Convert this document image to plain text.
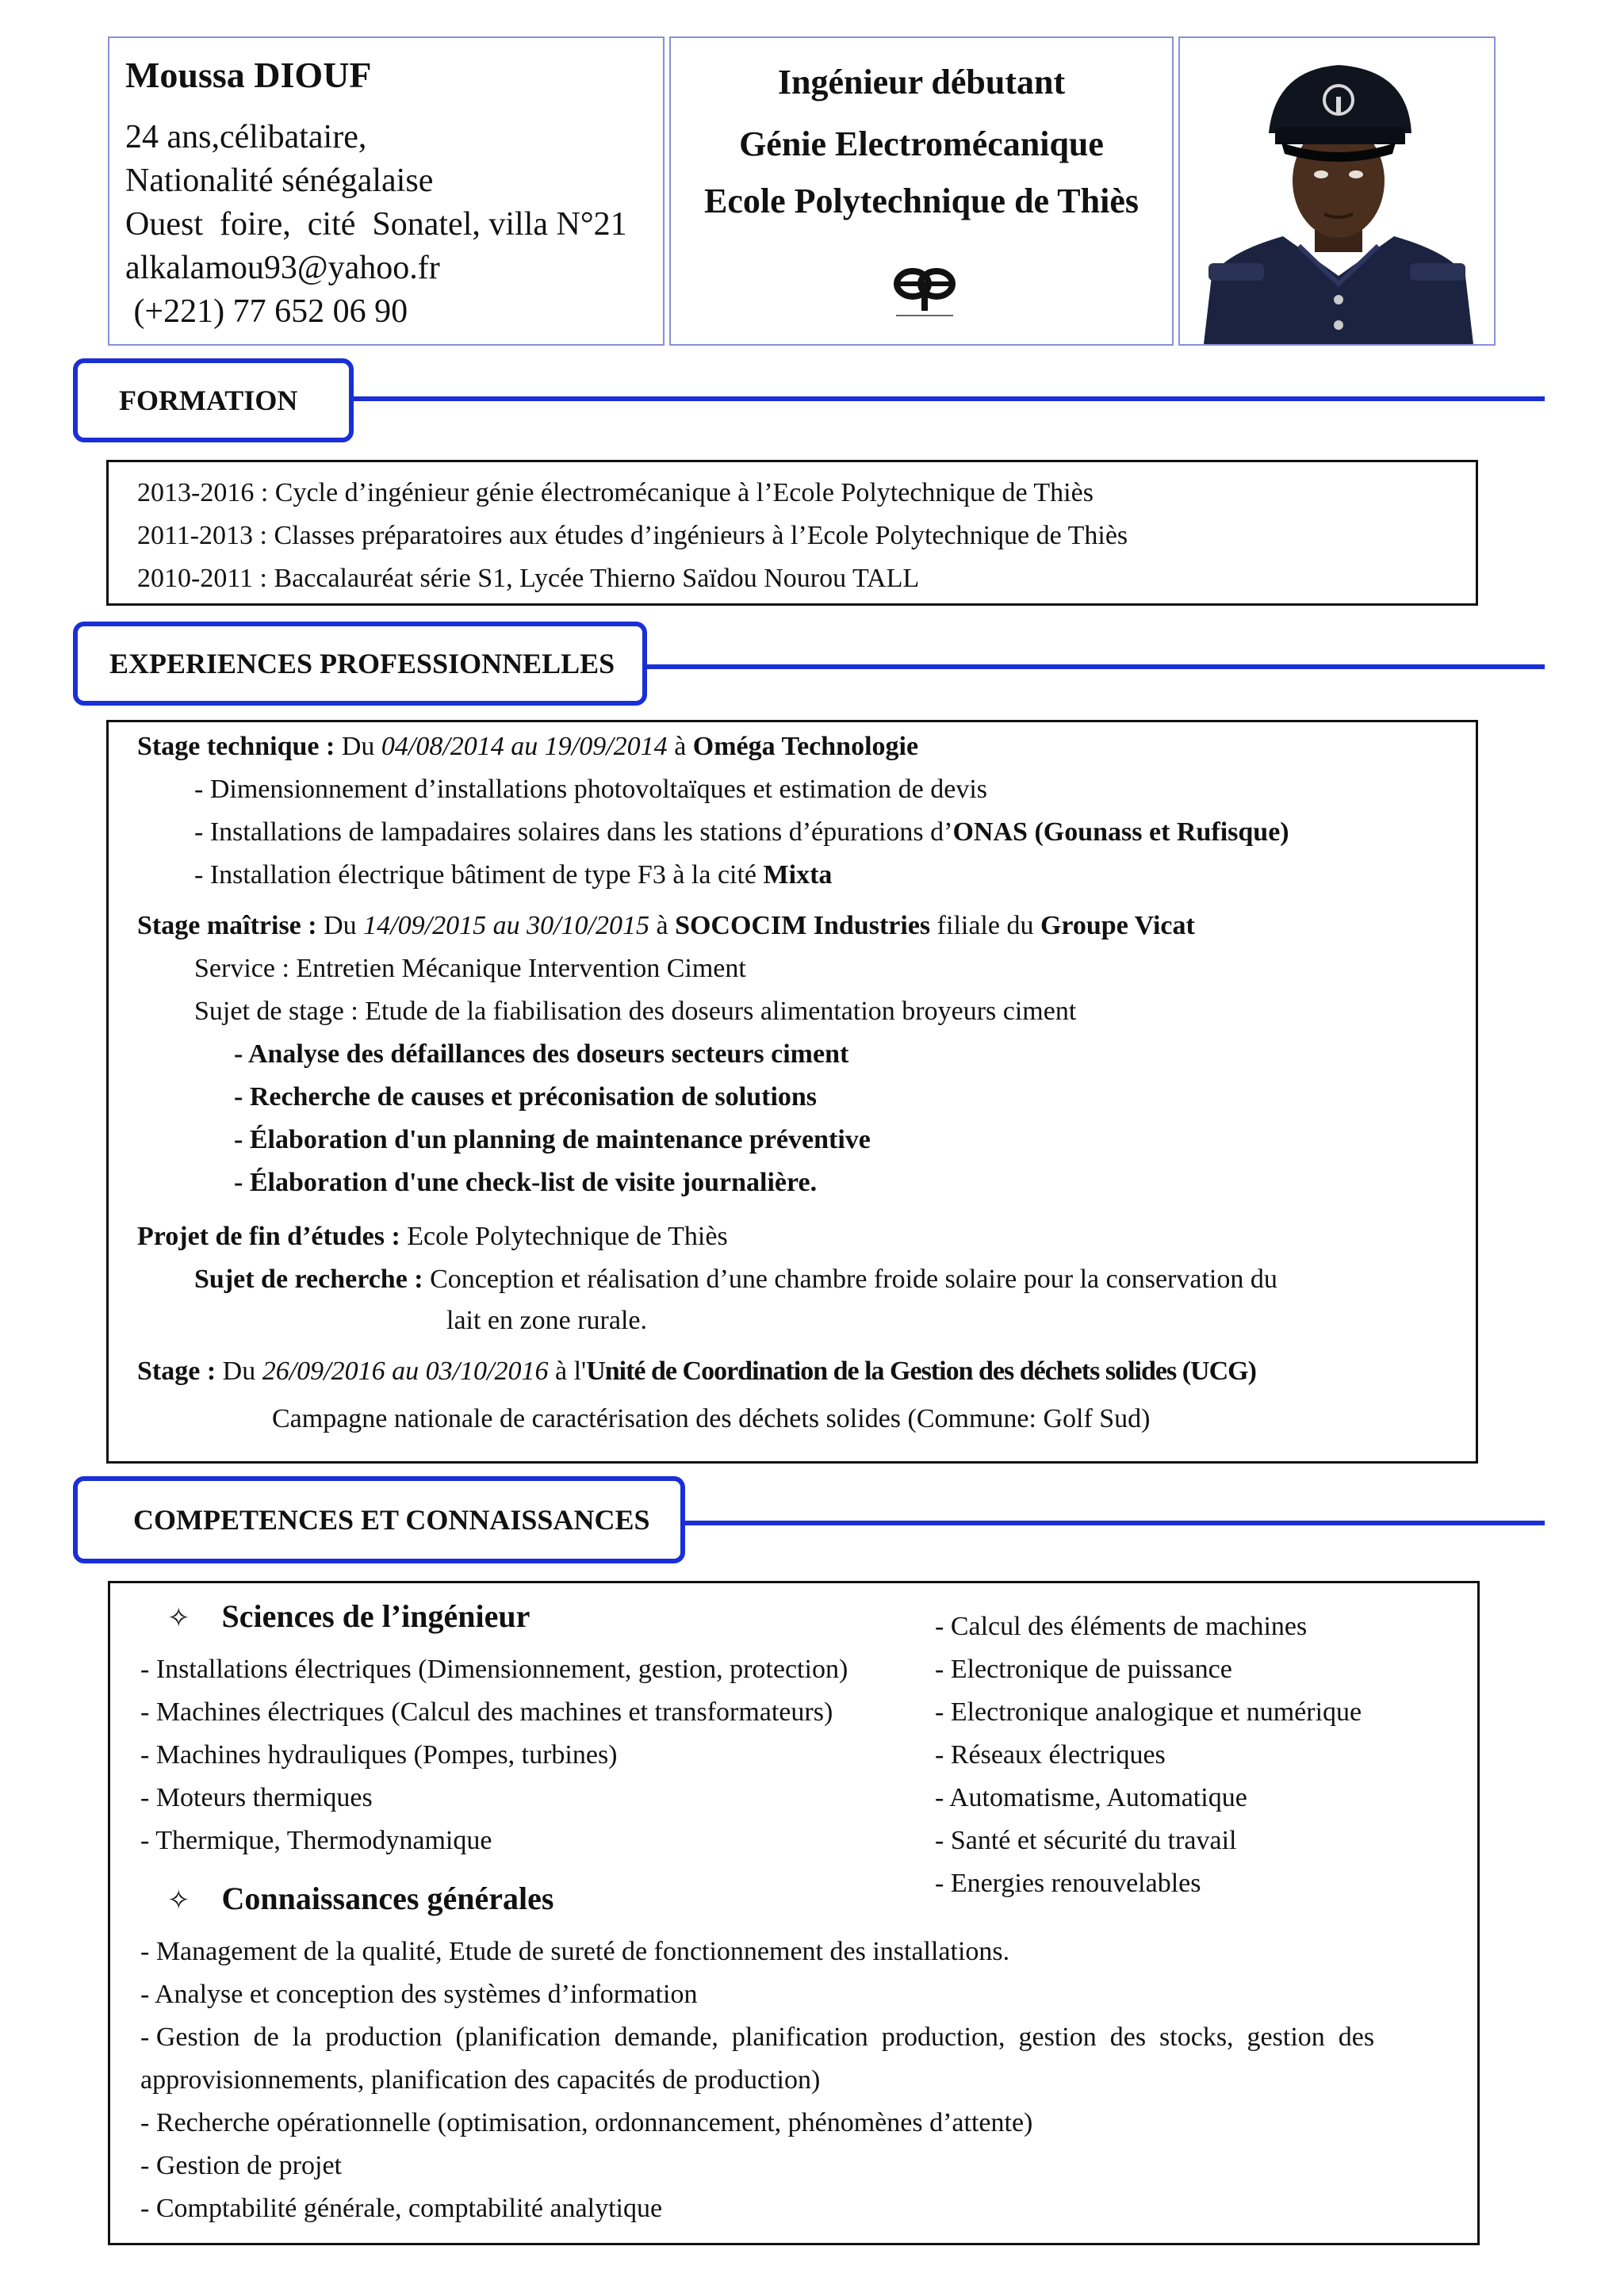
Moussa DIOUF
24 ans,célibataire,
Nationalité sénégalaise
Ouest  foire,  cité  Sonatel, villa N°21
alkalamou93@yahoo.fr
(+221) 77 652 06 90
Ingénieur débutant
Génie Electromécanique
Ecole Polytechnique de Thiès
FORMATION
2013-2016 : Cycle d’ingénieur génie électromécanique à l’Ecole Polytechnique de Thiès
2011-2013 : Classes préparatoires aux études d’ingénieurs à l’Ecole Polytechnique de Thiès
2010-2011 : Baccalauréat série S1, Lycée Thierno Saïdou Nourou TALL
EXPERIENCES PROFESSIONNELLES
Stage technique : Du 04/08/2014 au 19/09/2014 à Oméga Technologie
- Dimensionnement d’installations photovoltaïques et estimation de devis
- Installations de lampadaires solaires dans les stations d’épurations d’ONAS (Gounass et Rufisque)
- Installation électrique bâtiment de type F3 à la cité Mixta
Stage maîtrise : Du 14/09/2015 au 30/10/2015 à SOCOCIM Industries filiale du Groupe Vicat
Service : Entretien Mécanique Intervention Ciment
Sujet de stage : Etude de la fiabilisation des doseurs alimentation broyeurs ciment
- Analyse des défaillances des doseurs secteurs ciment
- Recherche de causes et préconisation de solutions
- Élaboration d'un planning de maintenance préventive
- Élaboration d'une check-list de visite journalière.
Projet de fin d’études : Ecole Polytechnique de Thiès
Sujet de recherche : Conception et réalisation d’une chambre froide solaire pour la conservation du
lait en zone rurale.
Stage : Du 26/09/2016 au 03/10/2016 à l'Unité de Coordination de la Gestion des déchets solides (UCG)
Campagne nationale de caractérisation des déchets solides (Commune: Golf Sud)
COMPETENCES ET CONNAISSANCES
✧ Sciences de l’ingénieur
- Installations électriques (Dimensionnement, gestion, protection)
- Machines électriques (Calcul des machines et transformateurs)
- Machines hydrauliques (Pompes, turbines)
- Moteurs thermiques
- Thermique, Thermodynamique
- Calcul des éléments de machines
- Electronique de puissance
- Electronique analogique et numérique
- Réseaux électriques
- Automatisme, Automatique
- Santé et sécurité du travail
- Energies renouvelables
✧ Connaissances générales
- Management de la qualité, Etude de sureté de fonctionnement des installations.
- Analyse et conception des systèmes d’information
- Gestion  de  la  production  (planification  demande,  planification  production,  gestion  des  stocks,  gestion  des
approvisionnements, planification des capacités de production)
- Recherche opérationnelle (optimisation, ordonnancement, phénomènes d’attente)
- Gestion de projet
- Comptabilité générale, comptabilité analytique
